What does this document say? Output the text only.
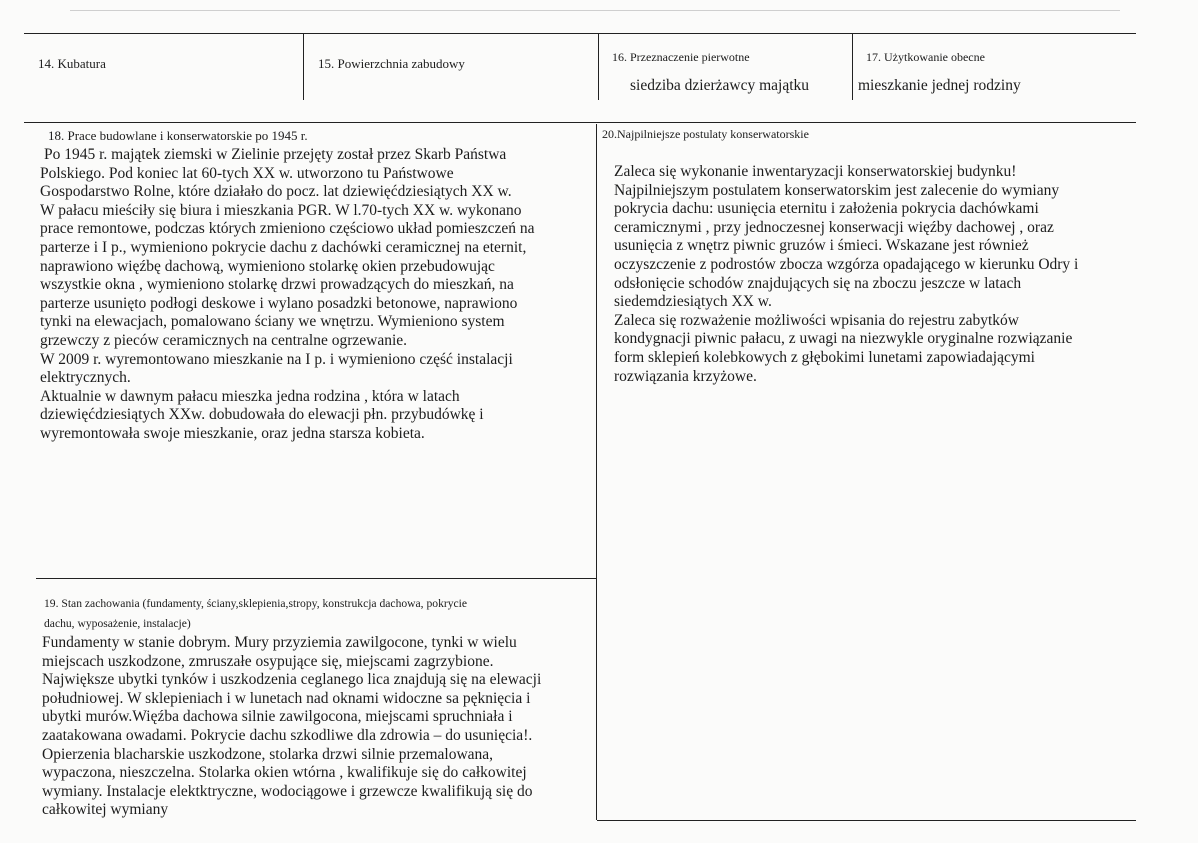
14. Kubatura	15. Powierzchnia zabudowy	16. Przeznaczenie pierwotne
siedziba dzierżawcy majątku
17. Użytkowanie obecne
mieszkanie jednej rodziny
18. Prace budowlane i konserwatorskie po 1945 r.

Po 1945 r. majątek ziemski w Zielinie przejęty został przez Skarb Państwa

Polskiego. Pod koniec lat 60-tych XX w. utworzono tu Państwowe

Gospodarstwo Rolne, które działało do pocz. lat dziewięćdziesiątych XX w.

W pałacu mieściły się biura i mieszkania PGR. W l.70-tych XX w. wykonano

prace remontowe, podczas których zmieniono częściowo układ pomieszczeń na

parterze i I p., wymieniono pokrycie dachu z dachówki ceramicznej na eternit,

naprawiono więźbę dachową, wymieniono stolarkę okien przebudowując

wszystkie okna , wymieniono stolarkę drzwi prowadzących do mieszkań, na

parterze usunięto podłogi deskowe i wylano posadzki betonowe, naprawiono

tynki na elewacjach, pomalowano ściany we wnętrzu. Wymieniono system

grzewczy z pieców ceramicznych na centralne ogrzewanie.

W 2009 r. wyremontowano mieszkanie na I p. i wymieniono część instalacji

elektrycznych.

Aktualnie w dawnym pałacu mieszka jedna rodzina , która w latach

dziewięćdziesiątych XXw. dobudowała do elewacji płn. przybudówkę i

wyremontowała swoje mieszkanie, oraz jedna starsza kobieta.

20.Najpilniejsze postulaty konserwatorskie

Zaleca się wykonanie inwentaryzacji konserwatorskiej budynku!

Najpilniejszym postulatem konserwatorskim jest zalecenie do wymiany

pokrycia dachu: usunięcia eternitu i założenia pokrycia dachówkami

ceramicznymi , przy jednoczesnej konserwacji więźby dachowej , oraz

usunięcia z wnętrz piwnic gruzów i śmieci. Wskazane jest również

oczyszczenie z podrostów zbocza wzgórza opadającego w kierunku Odry i

odsłonięcie schodów znajdujących się na zboczu jeszcze w latach

siedemdziesiątych XX w.

Zaleca się rozważenie możliwości wpisania do rejestru zabytków

kondygnacji piwnic pałacu, z uwagi na niezwykle oryginalne rozwiązanie

form sklepień kolebkowych z głębokimi lunetami zapowiadającymi

rozwiązania krzyżowe.

19. Stan zachowania (fundamenty, ściany,sklepienia,stropy, konstrukcja dachowa, pokrycie
dachu, wyposażenie, instalacje)

Fundamenty w stanie dobrym. Mury przyziemia zawilgocone, tynki w wielu

miejscach uszkodzone, zmruszałe osypujące się, miejscami zagrzybione.

Największe ubytki tynków i uszkodzenia ceglanego lica znajdują się na elewacji

południowej. W sklepieniach i w lunetach nad oknami widoczne sa pęknięcia i

ubytki murów.Więźba dachowa silnie zawilgocona, miejscami spruchniała i

zaatakowana owadami. Pokrycie dachu szkodliwe dla zdrowia – do usunięcia!.

Opierzenia blacharskie uszkodzone, stolarka drzwi silnie przemalowana,

wypaczona, nieszczelna. Stolarka okien wtórna , kwalifikuje się do całkowitej

wymiany. Instalacje elektktryczne, wodociągowe i grzewcze kwalifikują się do

całkowitej wymiany
